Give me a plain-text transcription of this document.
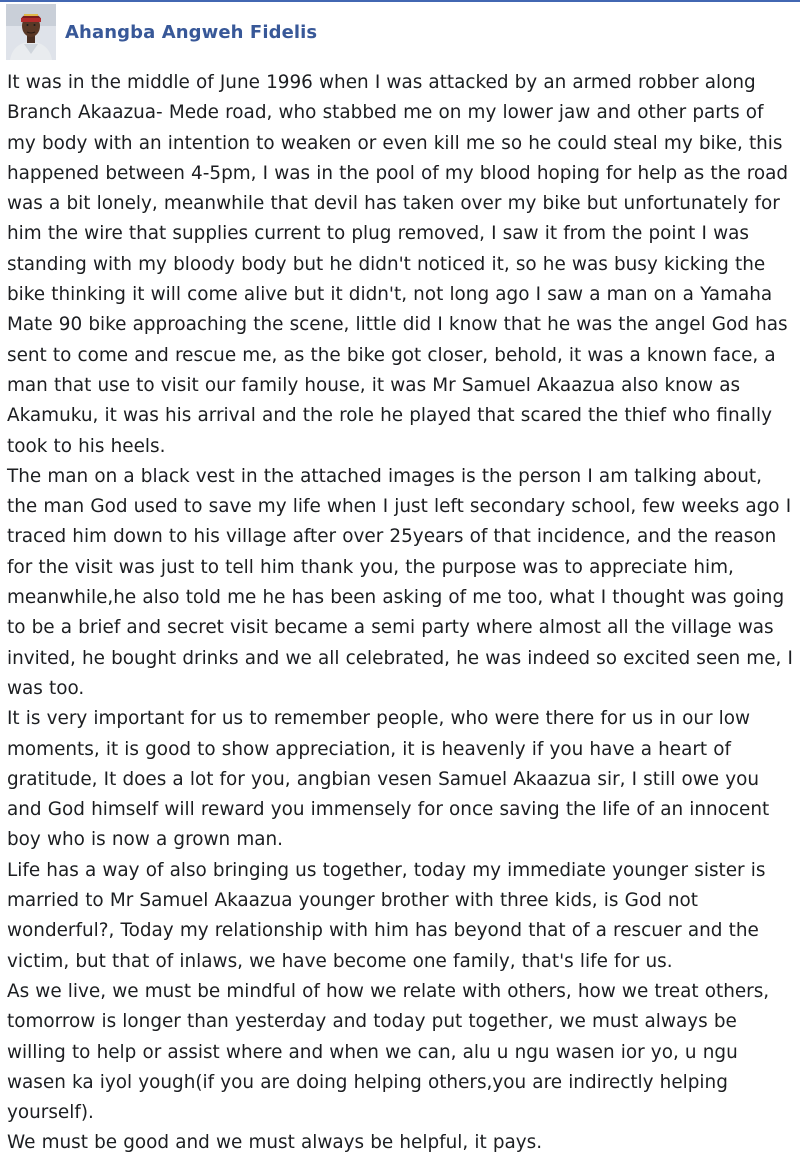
Ahangba Angweh Fidelis

It was in the middle of June 1996 when I was attacked by an armed robber along Branch Akaazua- Mede road, who stabbed me on my lower jaw and other parts of my body with an intention to weaken or even kill me so he could steal my bike, this happened between 4-5pm, I was in the pool of my blood hoping for help as the road was a bit lonely, meanwhile that devil has taken over my bike but unfortunately for him the wire that supplies current to plug removed, I saw it from the point I was standing with my bloody body but he didn't noticed it, so he was busy kicking the bike thinking it will come alive but it didn't, not long ago I saw a man on a Yamaha Mate 90 bike approaching the scene, little did I know that he was the angel God has sent to come and rescue me, as the bike got closer, behold, it was a known face, a man that use to visit our family house, it was Mr Samuel Akaazua also know as Akamuku, it was his arrival and the role he played that scared the thief who finally took to his heels.

The man on a black vest in the attached images is the person I am talking about, the man God used to save my life when I just left secondary school, few weeks ago I traced him down to his village after over 25years of that incidence, and the reason for the visit was just to tell him thank you, the purpose was to appreciate him, meanwhile,he also told me he has been asking of me too, what I thought was going to be a brief and secret visit became a semi party where almost all the village was invited, he bought drinks and we all celebrated, he was indeed so excited seen me, I was too.

It is very important for us to remember people, who were there for us in our low moments, it is good to show appreciation, it is heavenly if you have a heart of gratitude, It does a lot for you, angbian vesen Samuel Akaazua sir, I still owe you and God himself will reward you immensely for once saving the life of an innocent boy who is now a grown man.

Life has a way of also bringing us together, today my immediate younger sister is married to Mr Samuel Akaazua younger brother with three kids, is God not wonderful?, Today my relationship with him has beyond that of a rescuer and the victim, but that of inlaws, we have become one family, that's life for us.

As we live, we must be mindful of how we relate with others, how we treat others, tomorrow is longer than yesterday and today put together, we must always be willing to help or assist where and when we can, alu u ngu wasen ior yo, u ngu wasen ka iyol yough(if you are doing helping others,you are indirectly helping yourself).

We must be good and we must always be helpful, it pays.
